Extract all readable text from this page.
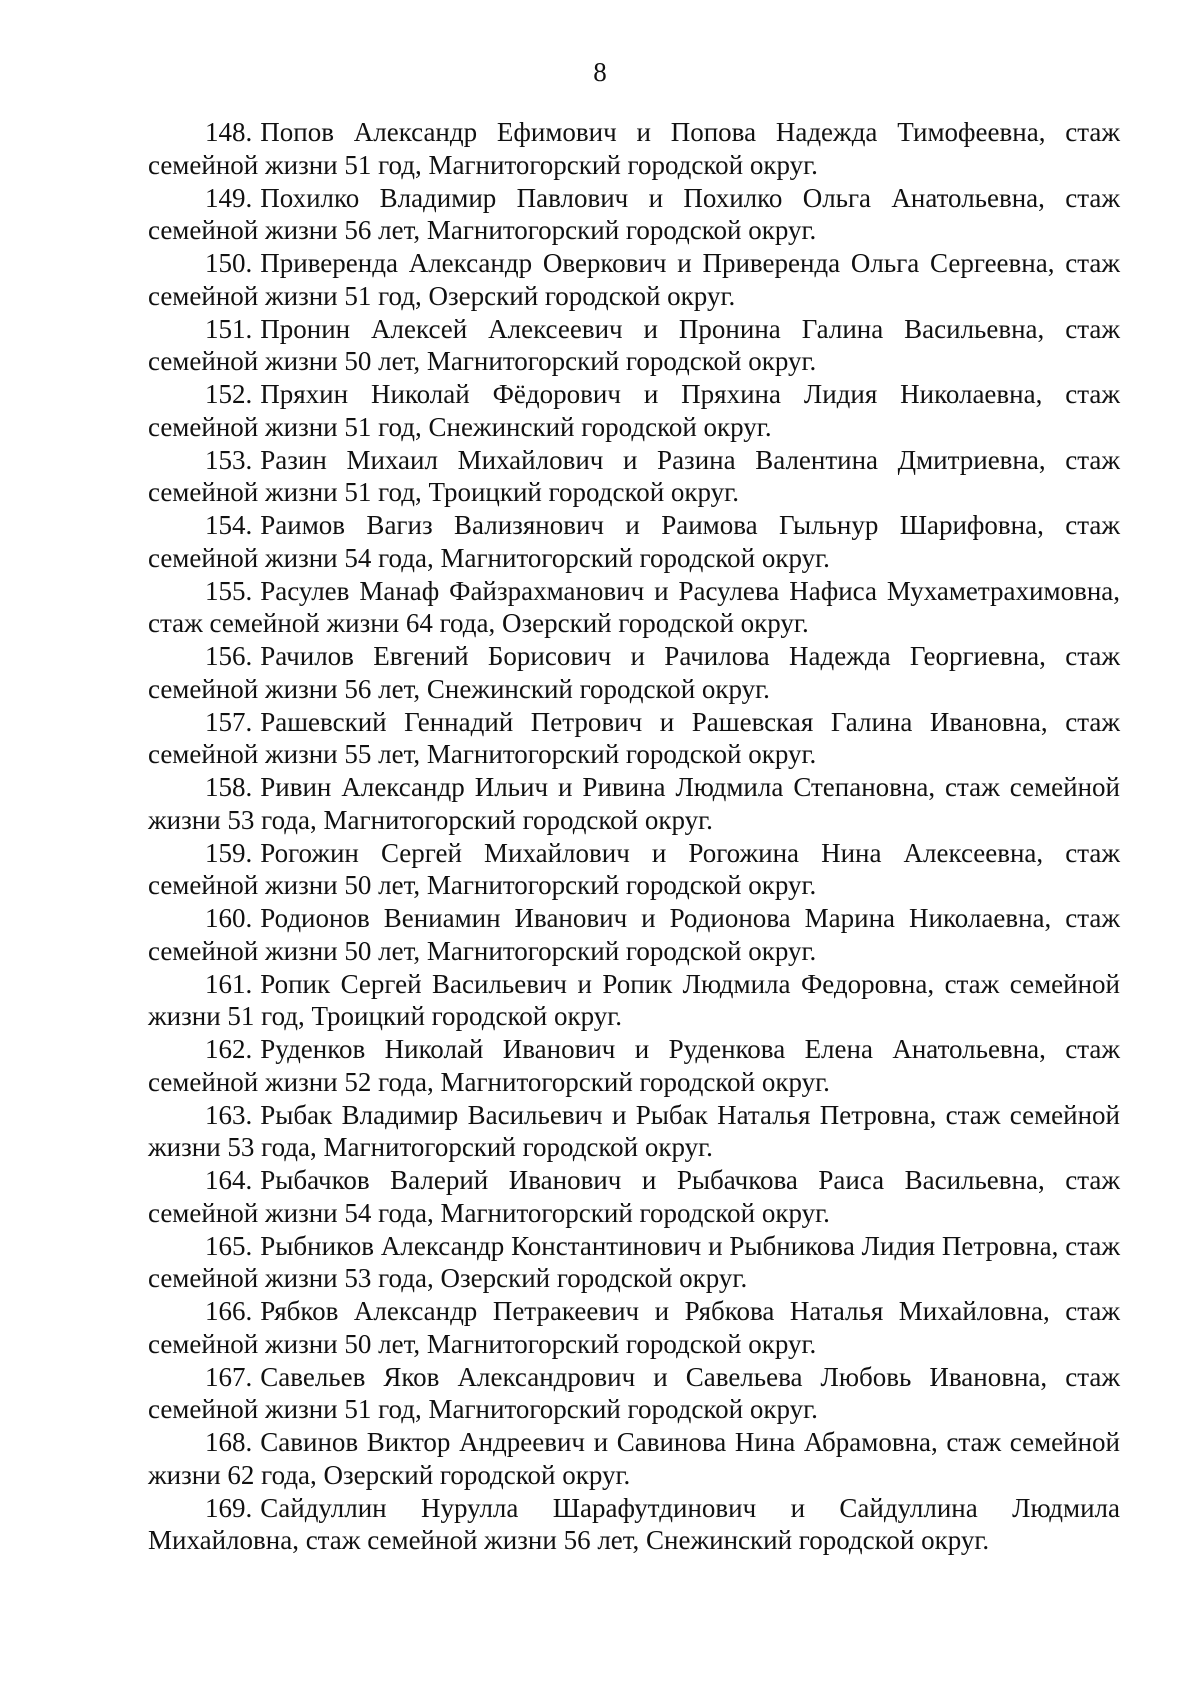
8
148. Попов Александр Ефимович и Попова Надежда Тимофеевна, стаж семейной жизни 51 год, Магнитогорский городской округ.
149. Похилко Владимир Павлович и Похилко Ольга Анатольевна, стаж семейной жизни 56 лет, Магнитогорский городской округ.
150. Приверенда Александр Оверкович и Приверенда Ольга Сергеевна, стаж семейной жизни 51 год, Озерский городской округ.
151. Пронин Алексей Алексеевич и Пронина Галина Васильевна, стаж семейной жизни 50 лет, Магнитогорский городской округ.
152. Пряхин Николай Фёдорович и Пряхина Лидия Николаевна, стаж семейной жизни 51 год, Снежинский городской округ.
153. Разин Михаил Михайлович и Разина Валентина Дмитриевна, стаж семейной жизни 51 год, Троицкий городской округ.
154. Раимов Вагиз Вализянович и Раимова Гыльнур Шарифовна, стаж семейной жизни 54 года, Магнитогорский городской округ.
155. Расулев Манаф Файзрахманович и Расулева Нафиса Мухаметрахимовна, стаж семейной жизни 64 года, Озерский городской округ.
156. Рачилов Евгений Борисович и Рачилова Надежда Георгиевна, стаж семейной жизни 56 лет, Снежинский городской округ.
157. Рашевский Геннадий Петрович и Рашевская Галина Ивановна, стаж семейной жизни 55 лет, Магнитогорский городской округ.
158. Ривин Александр Ильич и Ривина Людмила Степановна, стаж семейной жизни 53 года, Магнитогорский городской округ.
159. Рогожин Сергей Михайлович и Рогожина Нина Алексеевна, стаж семейной жизни 50 лет, Магнитогорский городской округ.
160. Родионов Вениамин Иванович и Родионова Марина Николаевна, стаж семейной жизни 50 лет, Магнитогорский городской округ.
161. Ропик Сергей Васильевич и Ропик Людмила Федоровна, стаж семейной жизни 51 год, Троицкий городской округ.
162. Руденков Николай Иванович и Руденкова Елена Анатольевна, стаж семейной жизни 52 года, Магнитогорский городской округ.
163. Рыбак Владимир Васильевич и Рыбак Наталья Петровна, стаж семейной жизни 53 года, Магнитогорский городской округ.
164. Рыбачков Валерий Иванович и Рыбачкова Раиса Васильевна, стаж семейной жизни 54 года, Магнитогорский городской округ.
165. Рыбников Александр Константинович и Рыбникова Лидия Петровна, стаж семейной жизни 53 года, Озерский городской округ.
166. Рябков Александр Петракеевич и Рябкова Наталья Михайловна, стаж семейной жизни 50 лет, Магнитогорский городской округ.
167. Савельев Яков Александрович и Савельева Любовь Ивановна, стаж семейной жизни 51 год, Магнитогорский городской округ.
168. Савинов Виктор Андреевич и Савинова Нина Абрамовна, стаж семейной жизни 62 года, Озерский городской округ.
169. Сайдуллин Нурулла Шарафутдинович и Сайдуллина Людмила Михайловна, стаж семейной жизни 56 лет, Снежинский городской округ.
